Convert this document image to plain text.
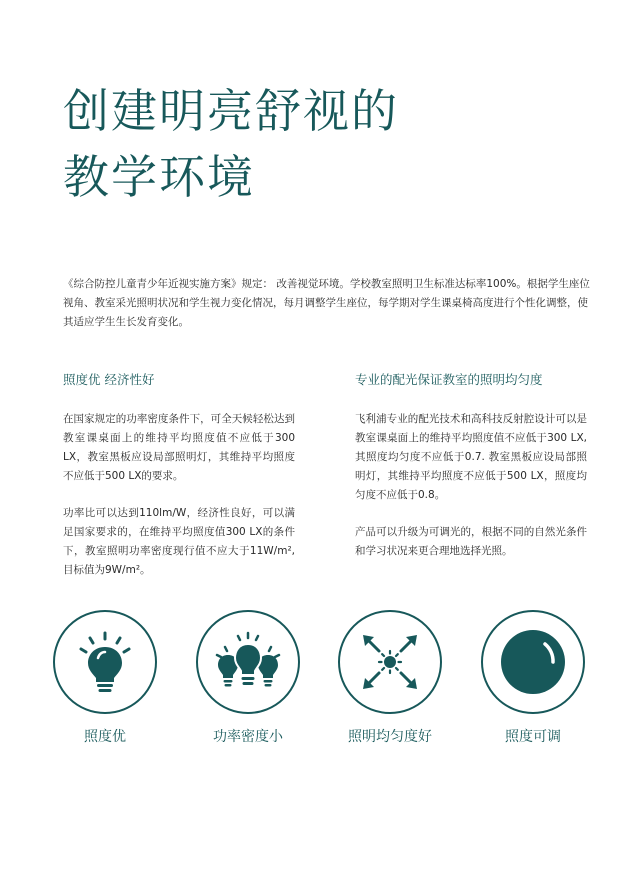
创建明亮舒视的
教学环境

《综合防控儿童青少年近视实施方案》规定： 改善视觉环境。学校教室照明卫生标准达标率100%。根据学生座位视角、教室采光照明状况和学生视力变化情况，每月调整学生座位，每学期对学生课桌椅高度进行个性化调整，使其适应学生生长发育变化。

照度优 经济性好

在国家规定的功率密度条件下，可全天候轻松达到教室课桌面上的维持平均照度值不应低于300 LX，教室黑板应设局部照明灯，其维持平均照度不应低于500 LX的要求。

功率比可以达到110lm/W，经济性良好，可以满足国家要求的，在维持平均照度值300 LX的条件下，教室照明功率密度现行值不应大于11W/m²,目标值为9W/m²。

专业的配光保证教室的照明均匀度

飞利浦专业的配光技术和高科技反射腔设计可以是教室课桌面上的维持平均照度值不应低于300 LX,其照度均匀度不应低于0.7. 教室黑板应设局部照明灯，其维持平均照度不应低于500 LX，照度均匀度不应低于0.8。

产品可以升级为可调光的，根据不同的自然光条件和学习状况来更合理地选择光照。

照度优	功率密度小	照明均匀度好	照度可调
